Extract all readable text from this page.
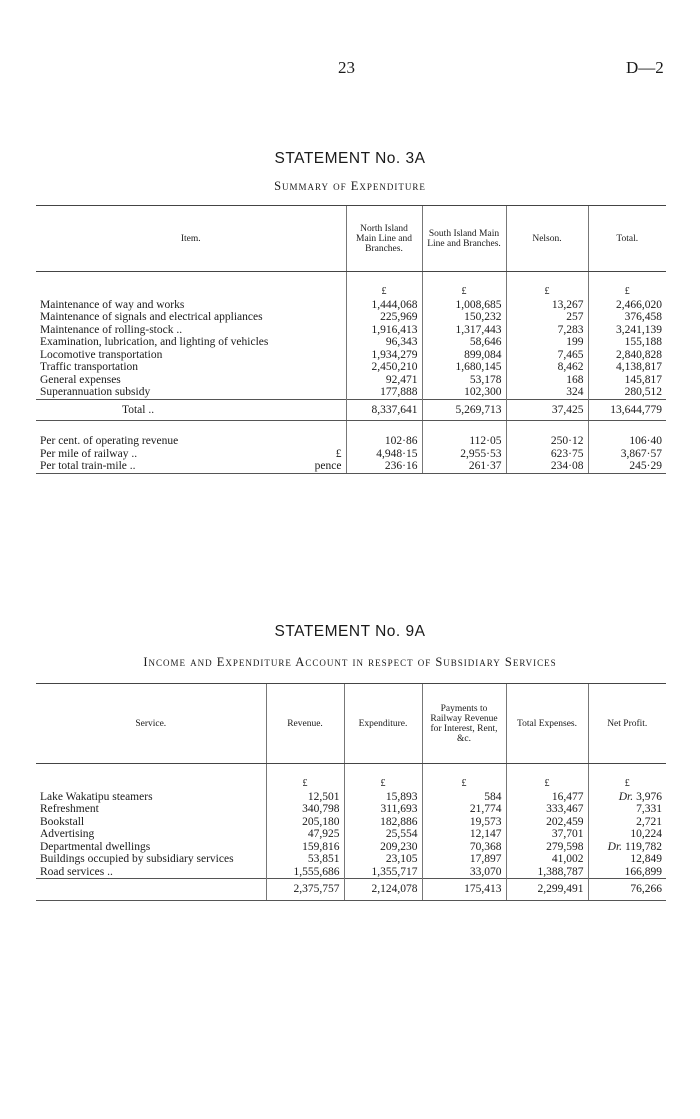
23	D—2
STATEMENT No. 3A
Summary of Expenditure
Item.	North Island Main Line and Branches.	South Island Main Line and Branches.	Nelson.	Total.

	£	£	£	£
Maintenance of way and works	1,444,068	1,008,685	13,267	2,466,020
Maintenance of signals and electrical appliances	225,969	150,232	257	376,458
Maintenance of rolling-stock ..	1,916,413	1,317,443	7,283	3,241,139
Examination, lubrication, and lighting of vehicles	96,343	58,646	199	155,188
Locomotive transportation	1,934,279	899,084	7,465	2,840,828
Traffic transportation	2,450,210	1,680,145	8,462	4,138,817
General expenses	92,471	53,178	168	145,817
Superannuation subsidy	177,888	102,300	324	280,512
Total ..	8,337,641	5,269,713	37,425	13,644,779

Per cent. of operating revenue	102·86	112·05	250·12	106·40

Per mile of railway .. £	4,948·15	2,955·53	623·75	3,867·57

Per total train-mile .. pence	236·16	261·37	234·08	245·29
STATEMENT No. 9A
Income and Expenditure Account in respect of Subsidiary Services
Service.	Revenue.	Expenditure.	Payments to Railway Revenue for Interest, Rent, &c.	Total Expenses.	Net Profit.

	£	£	£	£	£
Lake Wakatipu steamers	12,501	15,893	584	16,477	Dr. 3,976
Refreshment	340,798	311,693	21,774	333,467	7,331
Bookstall	205,180	182,886	19,573	202,459	2,721
Advertising	47,925	25,554	12,147	37,701	10,224
Departmental dwellings	159,816	209,230	70,368	279,598	Dr. 119,782

Buildings occupied by subsidiary services	53,851	23,105	17,897	41,002	12,849
Road services ..	1,555,686	1,355,717	33,070	1,388,787	166,899
	2,375,757	2,124,078	175,413	2,299,491	76,266
